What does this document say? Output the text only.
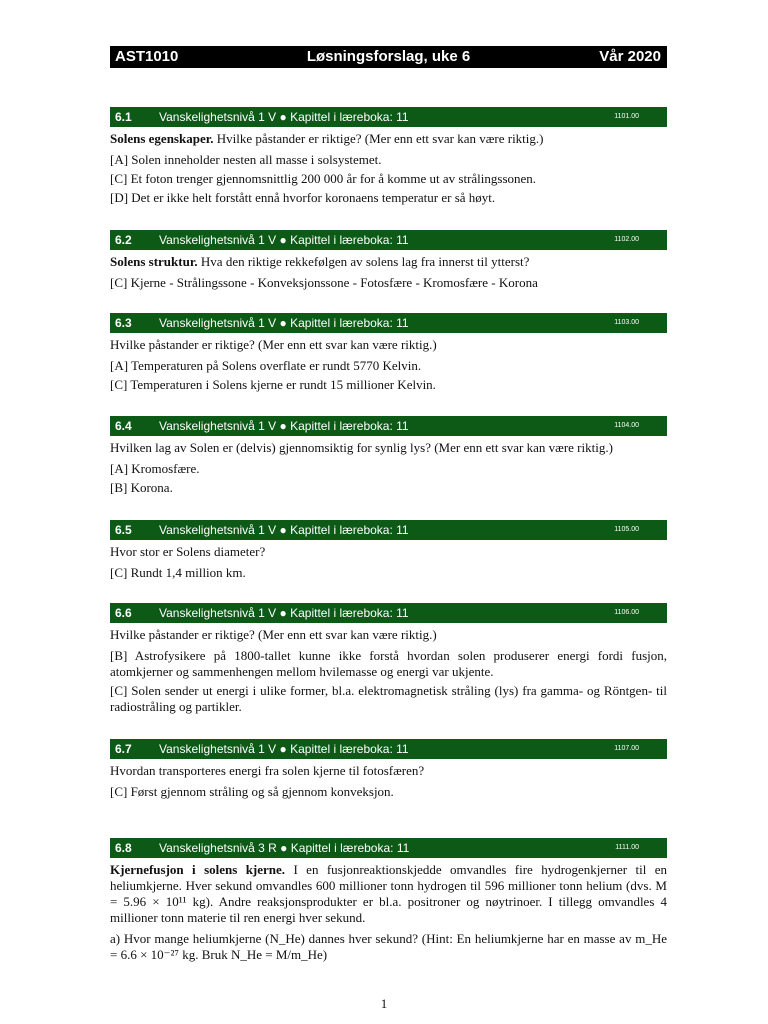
AST1010	Løsningsforslag, uke 6	Vår 2020
6.1 Vanskelighetsnivå 1 V ● Kapittel i læreboka: 11	1101.00
Solens egenskaper. Hvilke påstander er riktige? (Mer enn ett svar kan være riktig.)
[A] Solen inneholder nesten all masse i solsystemet.
[C] Et foton trenger gjennomsnittlig 200 000 år for å komme ut av strålingssonen.
[D] Det er ikke helt forstått ennå hvorfor koronaens temperatur er så høyt.
6.2 Vanskelighetsnivå 1 V ● Kapittel i læreboka: 11	1102.00
Solens struktur. Hva den riktige rekkefølgen av solens lag fra innerst til ytterst?
[C] Kjerne - Strålingssone - Konveksjonssone - Fotosfære - Kromosfære - Korona
6.3 Vanskelighetsnivå 1 V ● Kapittel i læreboka: 11	1103.00
Hvilke påstander er riktige? (Mer enn ett svar kan være riktig.)
[A] Temperaturen på Solens overflate er rundt 5770 Kelvin.
[C] Temperaturen i Solens kjerne er rundt 15 millioner Kelvin.
6.4 Vanskelighetsnivå 1 V ● Kapittel i læreboka: 11	1104.00
Hvilken lag av Solen er (delvis) gjennomsiktig for synlig lys? (Mer enn ett svar kan være riktig.)
[A] Kromosfære.
[B] Korona.
6.5 Vanskelighetsnivå 1 V ● Kapittel i læreboka: 11	1105.00
Hvor stor er Solens diameter?
[C] Rundt 1,4 million km.
6.6 Vanskelighetsnivå 1 V ● Kapittel i læreboka: 11	1106.00
Hvilke påstander er riktige? (Mer enn ett svar kan være riktig.)
[B] Astrofysikere på 1800-tallet kunne ikke forstå hvordan solen produserer energi fordi fusjon, atomkjerner og sammenhengen mellom hvilemasse og energi var ukjente.
[C] Solen sender ut energi i ulike former, bl.a. elektromagnetisk stråling (lys) fra gamma- og Röntgen- til radiostråling og partikler.
6.7 Vanskelighetsnivå 1 V ● Kapittel i læreboka: 11	1107.00
Hvordan transporteres energi fra solen kjerne til fotosfæren?
[C] Først gjennom stråling og så gjennom konveksjon.
6.8 Vanskelighetsnivå 3 R ● Kapittel i læreboka: 11	1111.00
Kjernefusjon i solens kjerne. I en fusjonreaktionskjedde omvandles fire hydrogenkjerner til en heliumkjerne. Hver sekund omvandles 600 millioner tonn hydrogen til 596 millioner tonn helium (dvs. M = 5.96 × 10¹¹ kg). Andre reaksjonsprodukter er bl.a. positroner og nøytrinoer. I tillegg omvandles 4 millioner tonn materie til ren energi hver sekund.
a) Hvor mange heliumkjerne (N_He) dannes hver sekund? (Hint: En heliumkjerne har en masse av m_He = 6.6 × 10⁻²⁷ kg. Bruk N_He = M/m_He)
1
